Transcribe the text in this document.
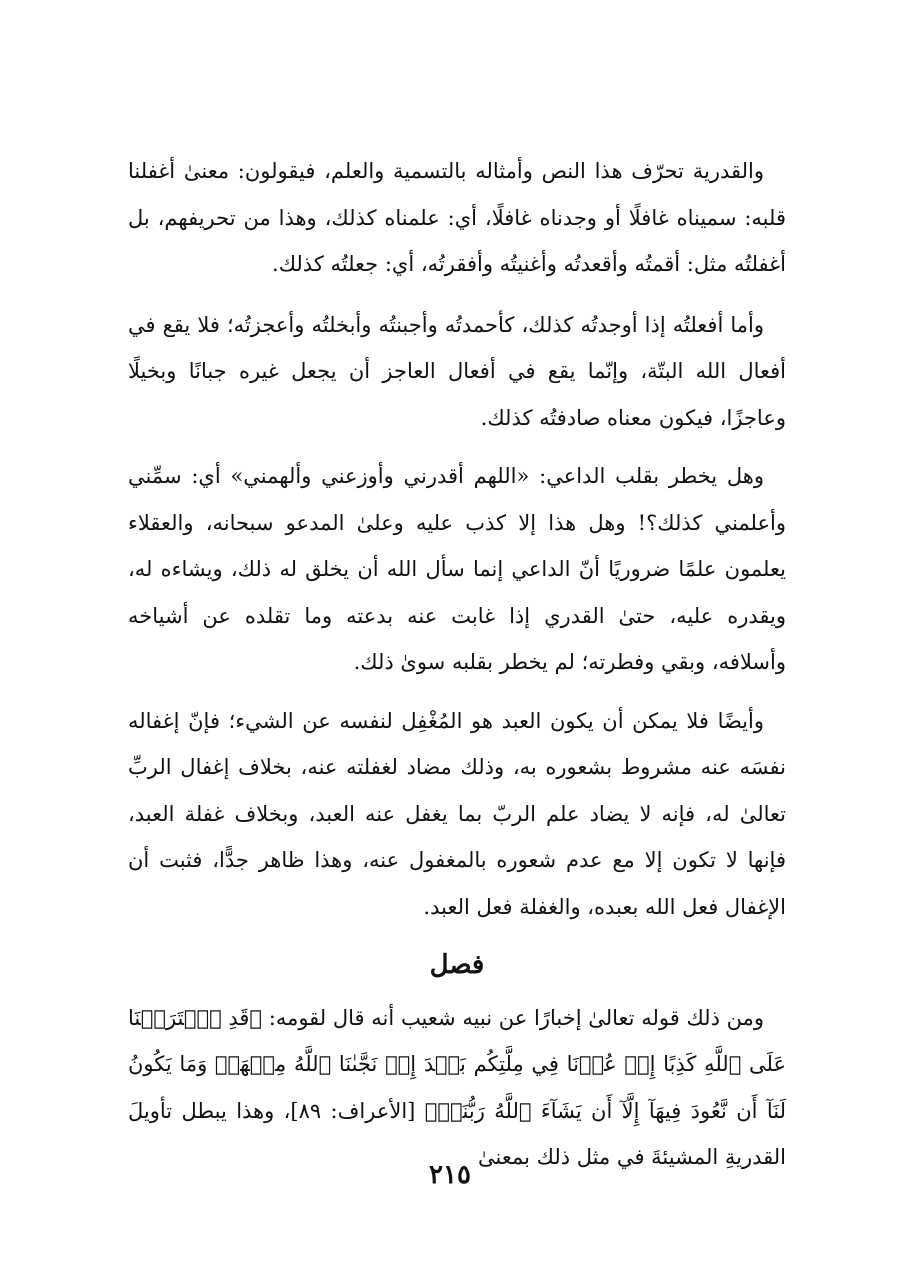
والقدرية تحرّف هذا النص وأمثاله بالتسمية والعلم، فيقولون: معنىٰ أغفلنا قلبه: سميناه غافلًا أو وجدناه غافلًا، أي: علمناه كذلك، وهذا من تحريفهم، بل أغفلتُه مثل: أقمتُه وأقعدتُه وأغنيتُه وأفقرتُه، أي: جعلتُه كذلك.

وأما أفعلتُه إذا أوجدتُه كذلك، كأحمدتُه وأجبنتُه وأبخلتُه وأعجزتُه؛ فلا يقع في أفعال الله البتّة، وإنّما يقع في أفعال العاجز أن يجعل غيره جبانًا وبخيلًا وعاجزًا، فيكون معناه صادفتُه كذلك.

وهل يخطر بقلب الداعي: «اللهم أقدرني وأوزعني وألهمني» أي: سمِّني وأعلمني كذلك؟! وهل هذا إلا كذب عليه وعلىٰ المدعو سبحانه، والعقلاء يعلمون علمًا ضروريًا أنّ الداعي إنما سأل الله أن يخلق له ذلك، ويشاءه له، ويقدره عليه، حتىٰ القدري إذا غابت عنه بدعته وما تقلده عن أشياخه وأسلافه، وبقي وفطرته؛ لم يخطر بقلبه سوىٰ ذلك.

وأيضًا فلا يمكن أن يكون العبد هو المُغْفِل لنفسه عن الشيء؛ فإنّ إغفاله نفسَه عنه مشروط بشعوره به، وذلك مضاد لغفلته عنه، بخلاف إغفال الربِّ تعالىٰ له، فإنه لا يضاد علم الربّ بما يغفل عنه العبد، وبخلاف غفلة العبد، فإنها لا تكون إلا مع عدم شعوره بالمغفول عنه، وهذا ظاهر جدًّا، فثبت أن الإغفال فعل الله بعبده، والغفلة فعل العبد.

فصل

ومن ذلك قوله تعالىٰ إخبارًا عن نبيه شعيب أنه قال لقومه: ﴿قَدِ ٱفۡتَرَيۡنَا عَلَى ٱللَّهِ كَذِبًا إِنۡ عُدۡنَا فِي مِلَّتِكُم بَعۡدَ إِذۡ نَجَّىٰنَا ٱللَّهُ مِنۡهَاۚ وَمَا يَكُونُ لَنَآ أَن نَّعُودَ فِيهَآ إِلَّآ أَن يَشَآءَ ٱللَّهُ رَبُّنَاۚ﴾ [الأعراف: ٨٩]، وهذا يبطل تأويلَ القدريةِ المشيئةَ في مثل ذلك بمعنىٰ

٢١٥
